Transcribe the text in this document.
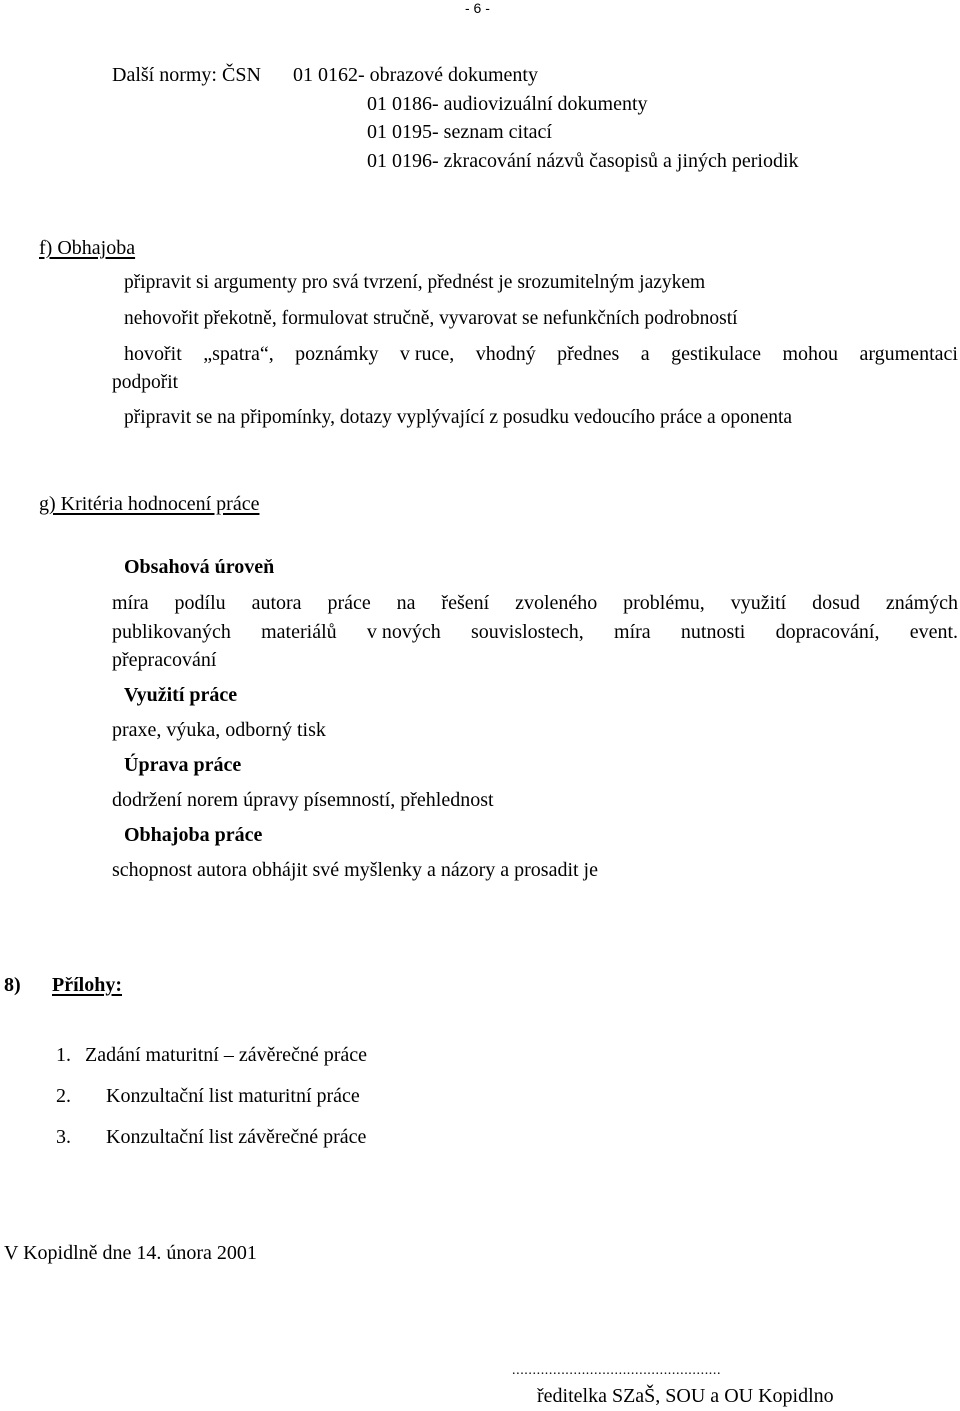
- 6 -
Další normy: ČSN 01 0162- obrazové dokumenty
01 0186- audiovizuální dokumenty
01 0195- seznam citací
01 0196- zkracování názvů časopisů a jiných periodik
f) Obhajoba
připravit si argumenty pro svá tvrzení, přednést je srozumitelným jazykem
nehovořit překotně, formulovat stručně, vyvarovat se nefunkčních podrobností
hovořit „spatra“, poznámky v ruce, vhodný přednes a gestikulace mohou argumentaci
podpořit
připravit se na připomínky, dotazy vyplývající z posudku vedoucího práce a oponenta
g) Kritéria hodnocení práce
Obsahová úroveň
míra podílu autora práce na řešení zvoleného problému, využití dosud známých
publikovaných materiálů v nových souvislostech, míra nutnosti dopracování, event.
přepracování
Využití práce
praxe, výuka, odborný tisk
Úprava práce
dodržení norem úpravy písemností, přehlednost
Obhajoba práce
schopnost autora obhájit své myšlenky a názory a prosadit je
8) Přílohy:
1. Zadání maturitní – závěrečné práce
2. Konzultační list maturitní práce
3. Konzultační list závěrečné práce
V Kopidlně dne 14. února 2001
...................................................
ředitelka SZaŠ, SOU a OU Kopidlno
